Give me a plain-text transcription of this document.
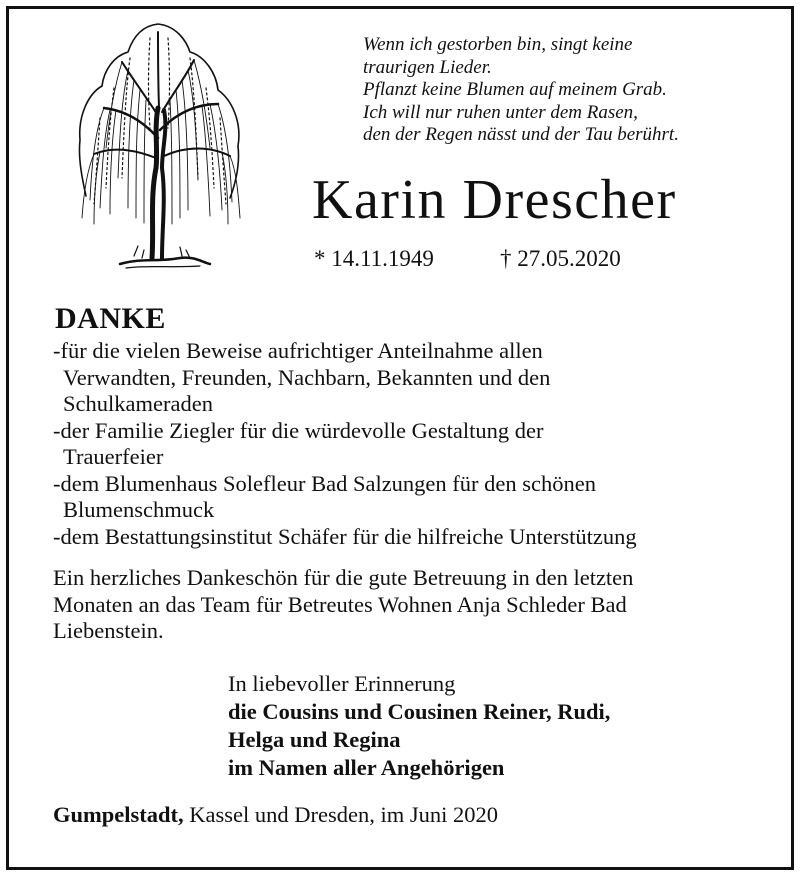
Wenn ich gestorben bin, singt keine
traurigen Lieder.
Pflanzt keine Blumen auf meinem Grab.
Ich will nur ruhen unter dem Rasen,
den der Regen nässt und der Tau berührt.
Karin Drescher
* 14.11.1949	† 27.05.2020
DANKE
-für die vielen Beweise aufrichtiger Anteilnahme allen
Verwandten, Freunden, Nachbarn, Bekannten und den
Schulkameraden
-der Familie Ziegler für die würdevolle Gestaltung der
Trauerfeier
-dem Blumenhaus Solefleur Bad Salzungen für den schönen
Blumenschmuck
-dem Bestattungsinstitut Schäfer für die hilfreiche Unterstützung
Ein herzliches Dankeschön für die gute Betreuung in den letzten
Monaten an das Team für Betreutes Wohnen Anja Schleder Bad
Liebenstein.
In liebevoller Erinnerung
die Cousins und Cousinen Reiner, Rudi,
Helga und Regina
im Namen aller Angehörigen
Gumpelstadt, Kassel und Dresden, im Juni 2020
